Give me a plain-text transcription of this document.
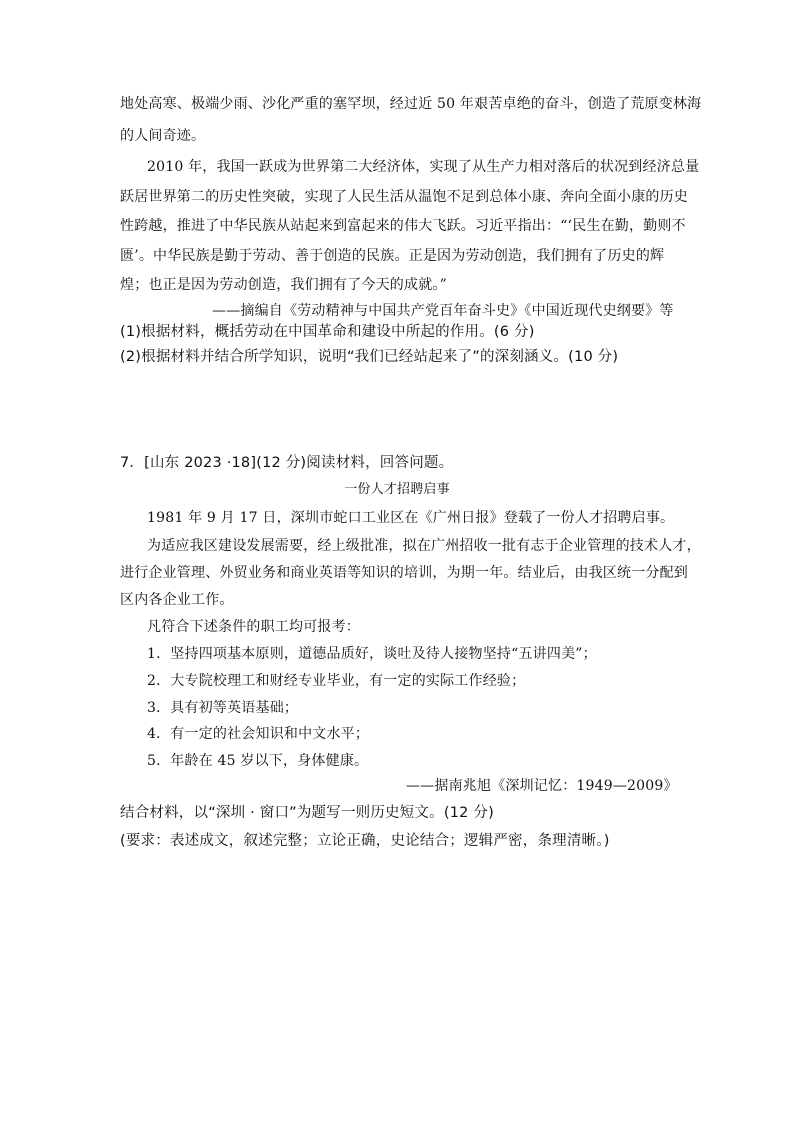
地处高寒、极端少雨、沙化严重的塞罕坝，经过近 50 年艰苦卓绝的奋斗，创造了荒原变林海
的人间奇迹。
2010 年，我国一跃成为世界第二大经济体，实现了从生产力相对落后的状况到经济总量
跃居世界第二的历史性突破，实现了人民生活从温饱不足到总体小康、奔向全面小康的历史
性跨越，推进了中华民族从站起来到富起来的伟大飞跃。习近平指出：“‘民生在勤，勤则不
匮’。中华民族是勤于劳动、善于创造的民族。正是因为劳动创造，我们拥有了历史的辉
煌；也正是因为劳动创造，我们拥有了今天的成就。”
——摘编自《劳动精神与中国共产党百年奋斗史》《中国近现代史纲要》等
(1)根据材料，概括劳动在中国革命和建设中所起的作用。(6 分)
(2)根据材料并结合所学知识，说明“我们已经站起来了”的深刻涵义。(10 分)
7．[山东 2023 ·18](12 分)阅读材料，回答问题。
一份人才招聘启事
1981 年 9 月 17 日，深圳市蛇口工业区在《广州日报》登载了一份人才招聘启事。
为适应我区建设发展需要，经上级批准，拟在广州招收一批有志于企业管理的技术人才，
进行企业管理、外贸业务和商业英语等知识的培训，为期一年。结业后，由我区统一分配到
区内各企业工作。
凡符合下述条件的职工均可报考：
1．坚持四项基本原则，道德品质好，谈吐及待人接物坚持“五讲四美”；
2．大专院校理工和财经专业毕业，有一定的实际工作经验；
3．具有初等英语基础；
4．有一定的社会知识和中文水平；
5．年龄在 45 岁以下，身体健康。
——据南兆旭《深圳记忆：1949—2009》
结合材料，以“深圳 · 窗口”为题写一则历史短文。(12 分)
(要求：表述成文，叙述完整；立论正确，史论结合；逻辑严密，条理清晰。)
